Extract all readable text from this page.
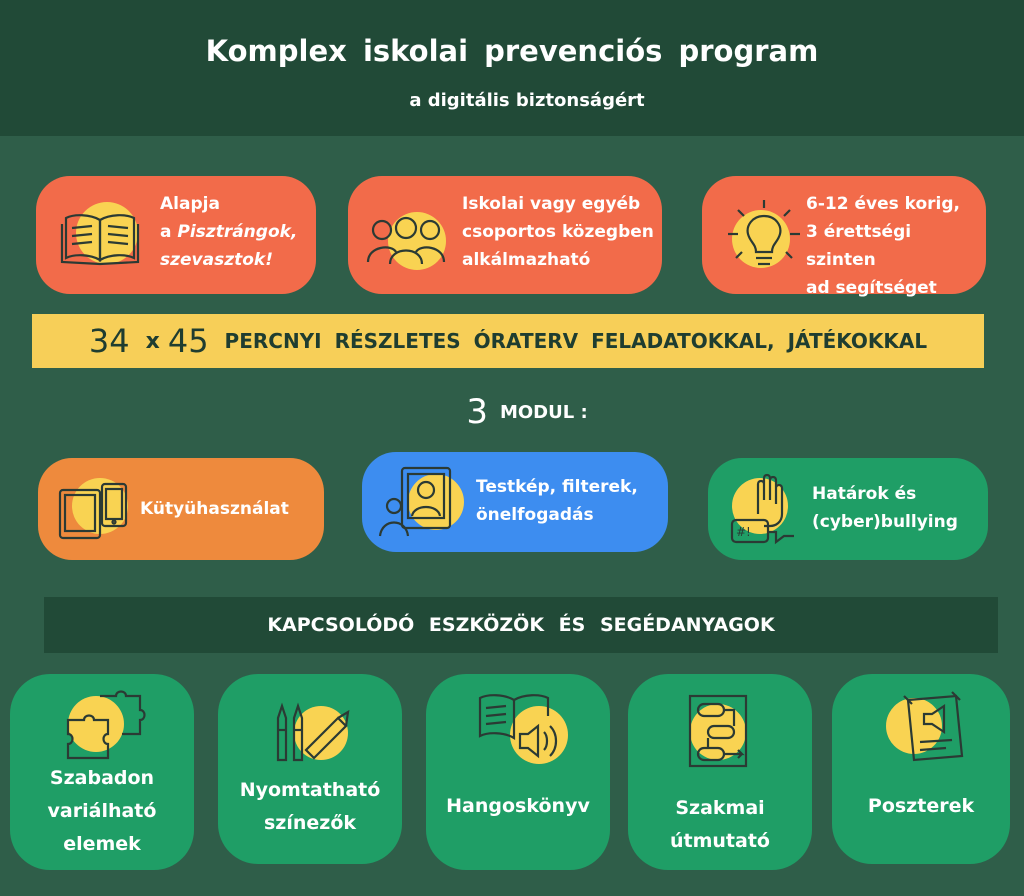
Komplex iskolai prevenciós program
a digitális biztonságért
Alapja
a Pisztrángok,
szevasztok!
Iskolai vagy egyéb
csoportos közegben
alkálmazható
6-12 éves korig,
3 érettségi szinten
ad segítséget
34 x 45 PERCNYI RÉSZLETES ÓRATERV FELADATOKKAL, JÁTÉKOKKAL
3 MODUL :
Kütyühasználat
Testkép, filterek,
önelfogadás
#!
Határok és
(cyber)bullying
KAPCSOLÓDÓ ESZKÖZÖK ÉS SEGÉDANYAGOK
Szabadon
variálható
elemek
Nyomtatható
színezők
Hangoskönyv	Szakmai
útmutató
Poszterek
